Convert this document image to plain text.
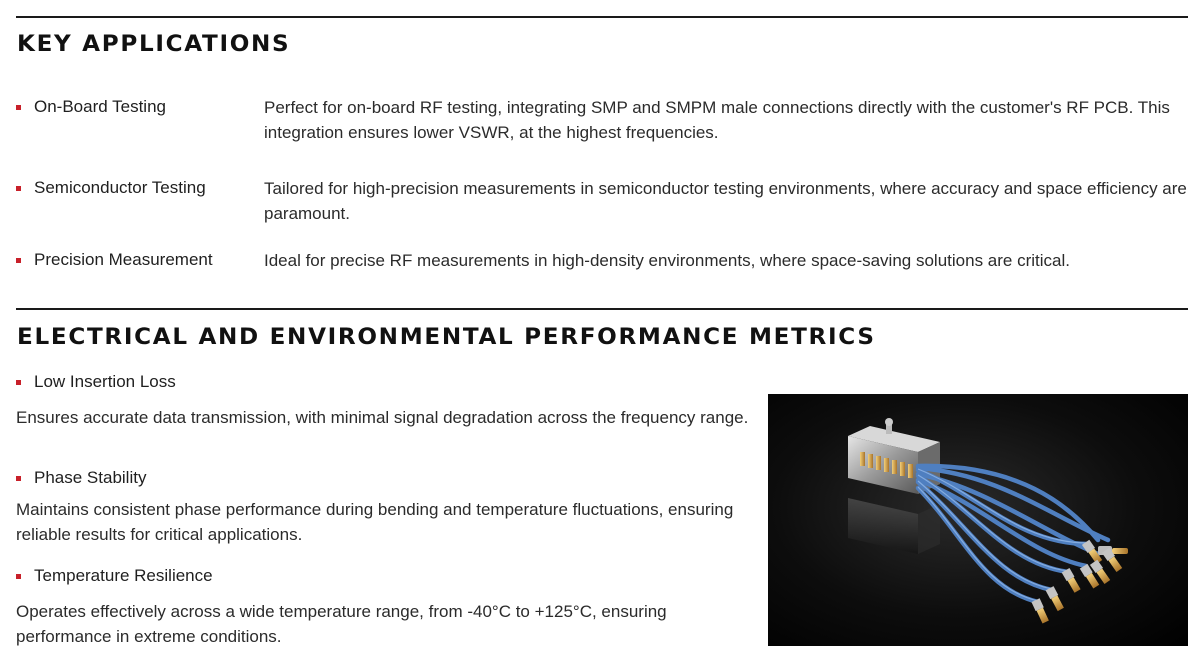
KEY APPLICATIONS
On-Board Testing	Perfect for on-board RF testing, integrating SMP and SMPM male connections directly with the customer's RF PCB. This integration ensures lower VSWR, at the highest frequencies.
Semiconductor Testing	Tailored for high-precision measurements in semiconductor testing environments, where accuracy and space efficiency are paramount.
Precision Measurement	Ideal for precise RF measurements in high-density environments, where space-saving solutions are critical.
ELECTRICAL AND ENVIRONMENTAL PERFORMANCE METRICS
Low Insertion Loss
Ensures accurate data transmission, with minimal signal degradation across the frequency range.
Phase Stability
Maintains consistent phase performance during bending and temperature fluctuations, ensuring reliable results for critical applications.
Temperature Resilience
Operates effectively across a wide temperature range, from -40°C to +125°C, ensuring performance in extreme conditions.
